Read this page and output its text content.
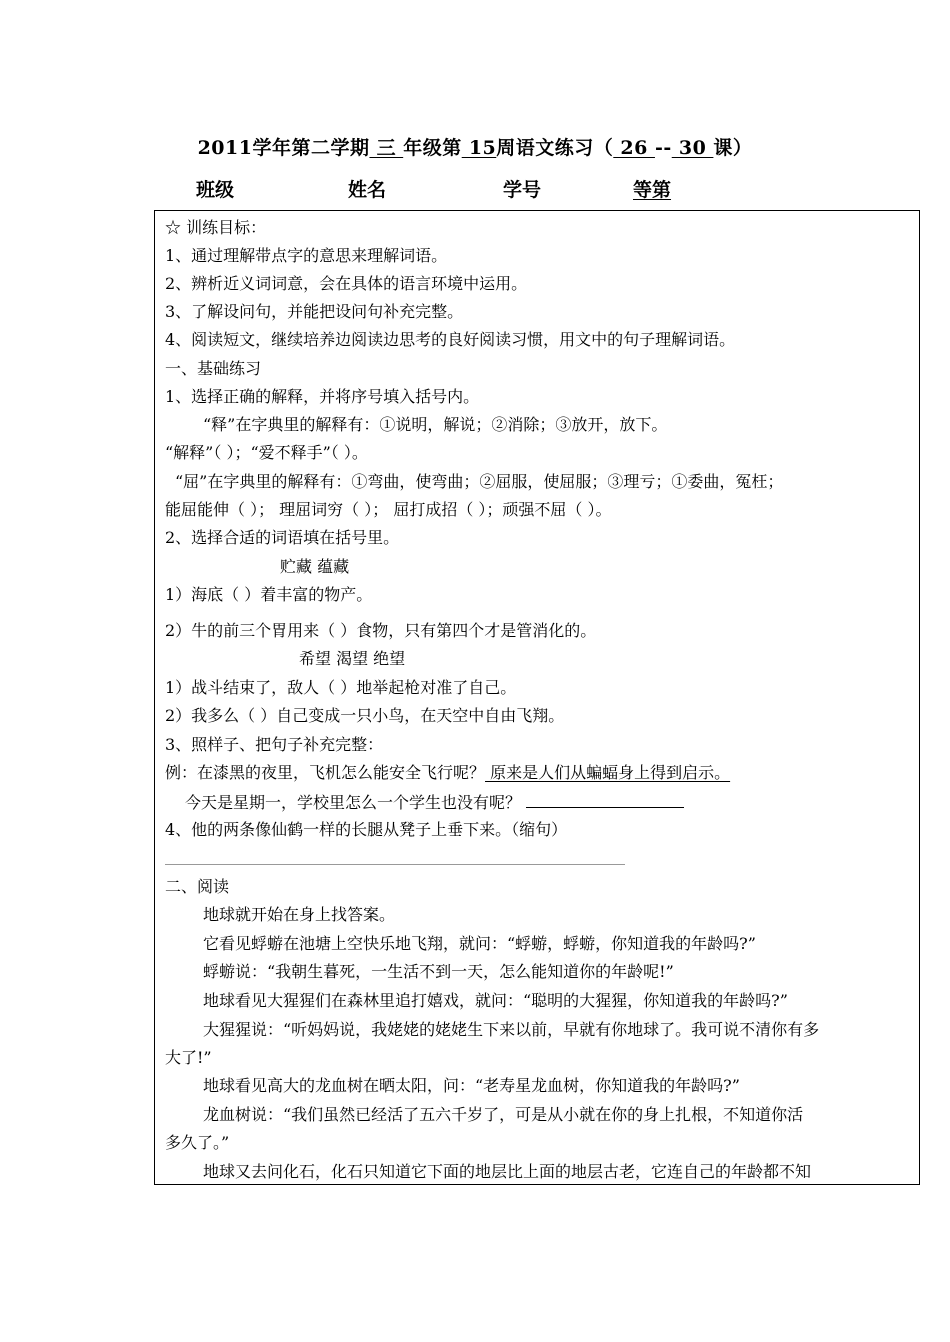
2011学年第二学期 三 年级第 15周语文练习（ 26 -- 30 课）
班级	姓名	学号	等第
☆ 训练目标：
1、通过理解带点字的意思来理解词语。
2、辨析近义词词意，会在具体的语言环境中运用。
3、了解设问句，并能把设问句补充完整。
4、阅读短文，继续培养边阅读边思考的良好阅读习惯，用文中的句子理解词语。
一、基础练习
1、选择正确的解释，并将序号填入括号内。
“释”在字典里的解释有：①说明，解说；②消除；③放开，放下。
“解释”（ ）；“爱不释手”（ ）。
“屈”在字典里的解释有：①弯曲，使弯曲；②屈服，使屈服；③理亏；①委曲，冤枉；
能屈能伸（ ）； 理屈词穷（ ）； 屈打成招（ ）；顽强不屈（ ）。
2、选择合适的词语填在括号里。
贮藏 蕴藏
1）海底（ ）着丰富的物产。
2）牛的前三个胃用来（ ）食物，只有第四个才是管消化的。
希望 渴望 绝望
1）战斗结束了，敌人（ ）地举起枪对准了自己。
2）我多么（ ）自己变成一只小鸟，在天空中自由飞翔。
3、照样子、把句子补充完整：
例：在漆黑的夜里，飞机怎么能安全飞行呢？ 原来是人们从蝙蝠身上得到启示。
今天是星期一，学校里怎么一个学生也没有呢？
4、他的两条像仙鹤一样的长腿从凳子上垂下来。（缩句）
二、阅读
地球就开始在身上找答案。
它看见蜉蝣在池塘上空快乐地飞翔，就问：“蜉蝣，蜉蝣，你知道我的年龄吗?”
蜉蝣说：“我朝生暮死，一生活不到一天，怎么能知道你的年龄呢!”
地球看见大猩猩们在森林里追打嬉戏，就问：“聪明的大猩猩，你知道我的年龄吗?”
大猩猩说：“听妈妈说，我姥姥的姥姥生下来以前，早就有你地球了。我可说不清你有多
大了!”
地球看见高大的龙血树在晒太阳，问：“老寿星龙血树，你知道我的年龄吗?”
龙血树说：“我们虽然已经活了五六千岁了，可是从小就在你的身上扎根，不知道你活
多久了。”
地球又去问化石，化石只知道它下面的地层比上面的地层古老，它连自己的年龄都不知
